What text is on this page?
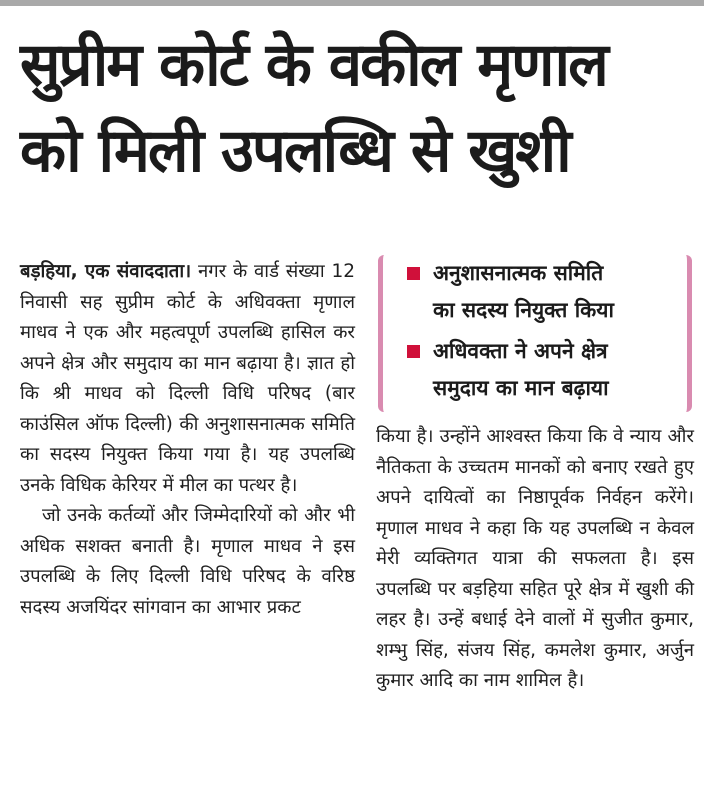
सुप्रीम कोर्ट के वकील मृणाल
को मिली उपलब्धि से खुशी

बड़हिया, एक संवाददाता। नगर के वार्ड संख्या 12 निवासी सह सुप्रीम कोर्ट के अधिवक्ता मृणाल माधव ने एक और महत्वपूर्ण उपलब्धि हासिल कर अपने क्षेत्र और समुदाय का मान बढ़ाया है। ज्ञात हो कि श्री माधव को दिल्ली विधि परिषद (बार काउंसिल ऑफ दिल्ली) की अनुशासनात्मक समिति का सदस्य नियुक्त किया गया है। यह उपलब्धि उनके विधिक केरियर में मील का पत्थर है।

जो उनके कर्तव्यों और जिम्मेदारियों को और भी अधिक सशक्त बनाती है। मृणाल माधव ने इस उपलब्धि के लिए दिल्ली विधि परिषद के वरिष्ठ सदस्य अजयिंदर सांगवान का आभार प्रकट

अनुशासनात्मक समिति
का सदस्य नियुक्त किया
अधिवक्ता ने अपने क्षेत्र
समुदाय का मान बढ़ाया

किया है। उन्होंने आश्वस्त किया कि वे न्याय और नैतिकता के उच्चतम मानकों को बनाए रखते हुए अपने दायित्वों का निष्ठापूर्वक निर्वहन करेंगे। मृणाल माधव ने कहा कि यह उपलब्धि न केवल मेरी व्यक्तिगत यात्रा की सफलता है। इस उपलब्धि पर बड़हिया सहित पूरे क्षेत्र में खुशी की लहर है। उन्हें बधाई देने वालों में सुजीत कुमार, शम्भु सिंह, संजय सिंह, कमलेश कुमार, अर्जुन कुमार आदि का नाम शामिल है।
